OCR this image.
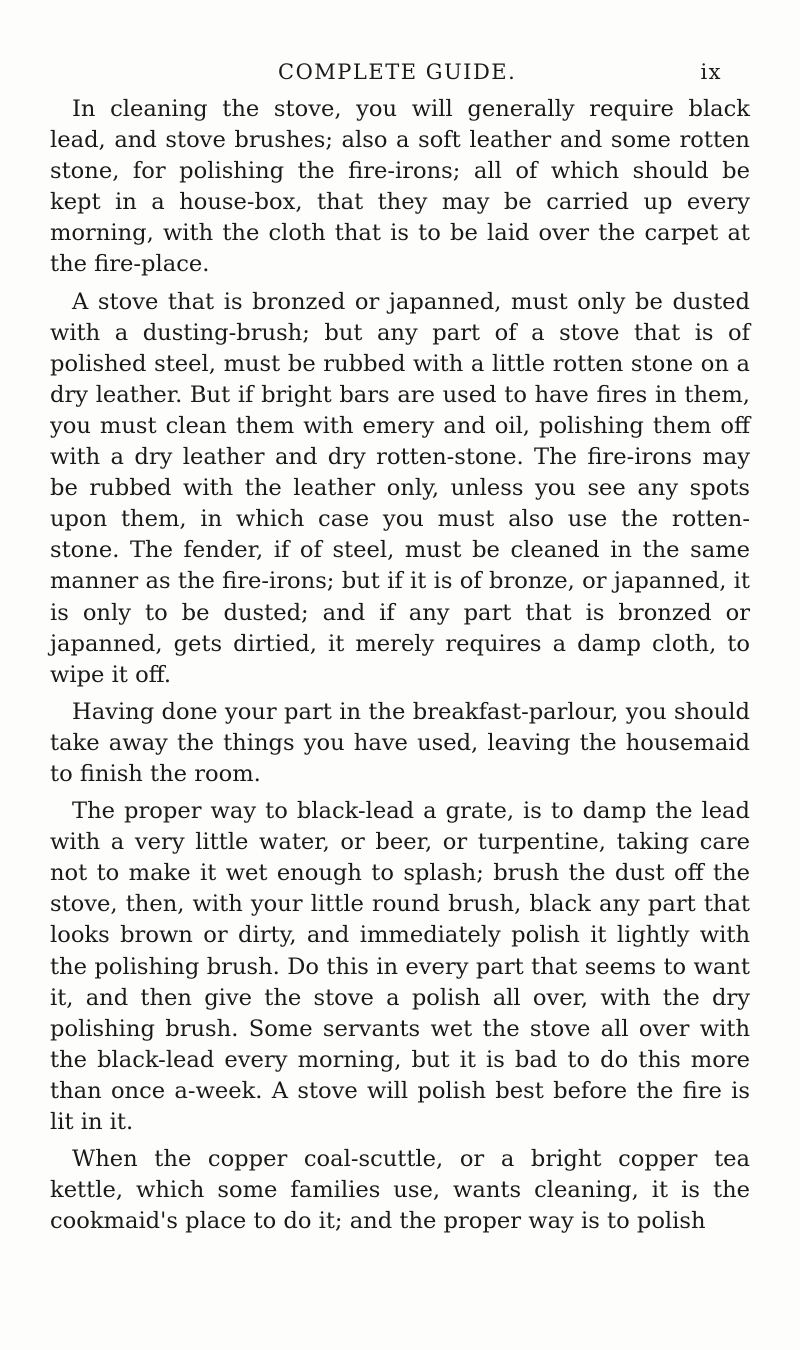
COMPLETE GUIDE.	ix

In cleaning the stove, you will generally require black lead, and stove brushes; also a soft leather and some rotten stone, for polishing the fire-irons; all of which should be kept in a house-box, that they may be carried up every morning, with the cloth that is to be laid over the carpet at the fire-place.

A stove that is bronzed or japanned, must only be dusted with a dusting-brush; but any part of a stove that is of polished steel, must be rubbed with a little rotten stone on a dry leather. But if bright bars are used to have fires in them, you must clean them with emery and oil, polishing them off with a dry leather and dry rotten-stone. The fire-irons may be rubbed with the leather only, unless you see any spots upon them, in which case you must also use the rotten-stone. The fender, if of steel, must be cleaned in the same manner as the fire-irons; but if it is of bronze, or japanned, it is only to be dusted; and if any part that is bronzed or japanned, gets dirtied, it merely requires a damp cloth, to wipe it off.

Having done your part in the breakfast-parlour, you should take away the things you have used, leaving the housemaid to finish the room.

The proper way to black-lead a grate, is to damp the lead with a very little water, or beer, or turpentine, taking care not to make it wet enough to splash; brush the dust off the stove, then, with your little round brush, black any part that looks brown or dirty, and immediately polish it lightly with the polishing brush. Do this in every part that seems to want it, and then give the stove a polish all over, with the dry polishing brush. Some servants wet the stove all over with the black-lead every morning, but it is bad to do this more than once a-week. A stove will polish best before the fire is lit in it.

When the copper coal-scuttle, or a bright copper tea kettle, which some families use, wants cleaning, it is the cookmaid's place to do it; and the proper way is to polish
